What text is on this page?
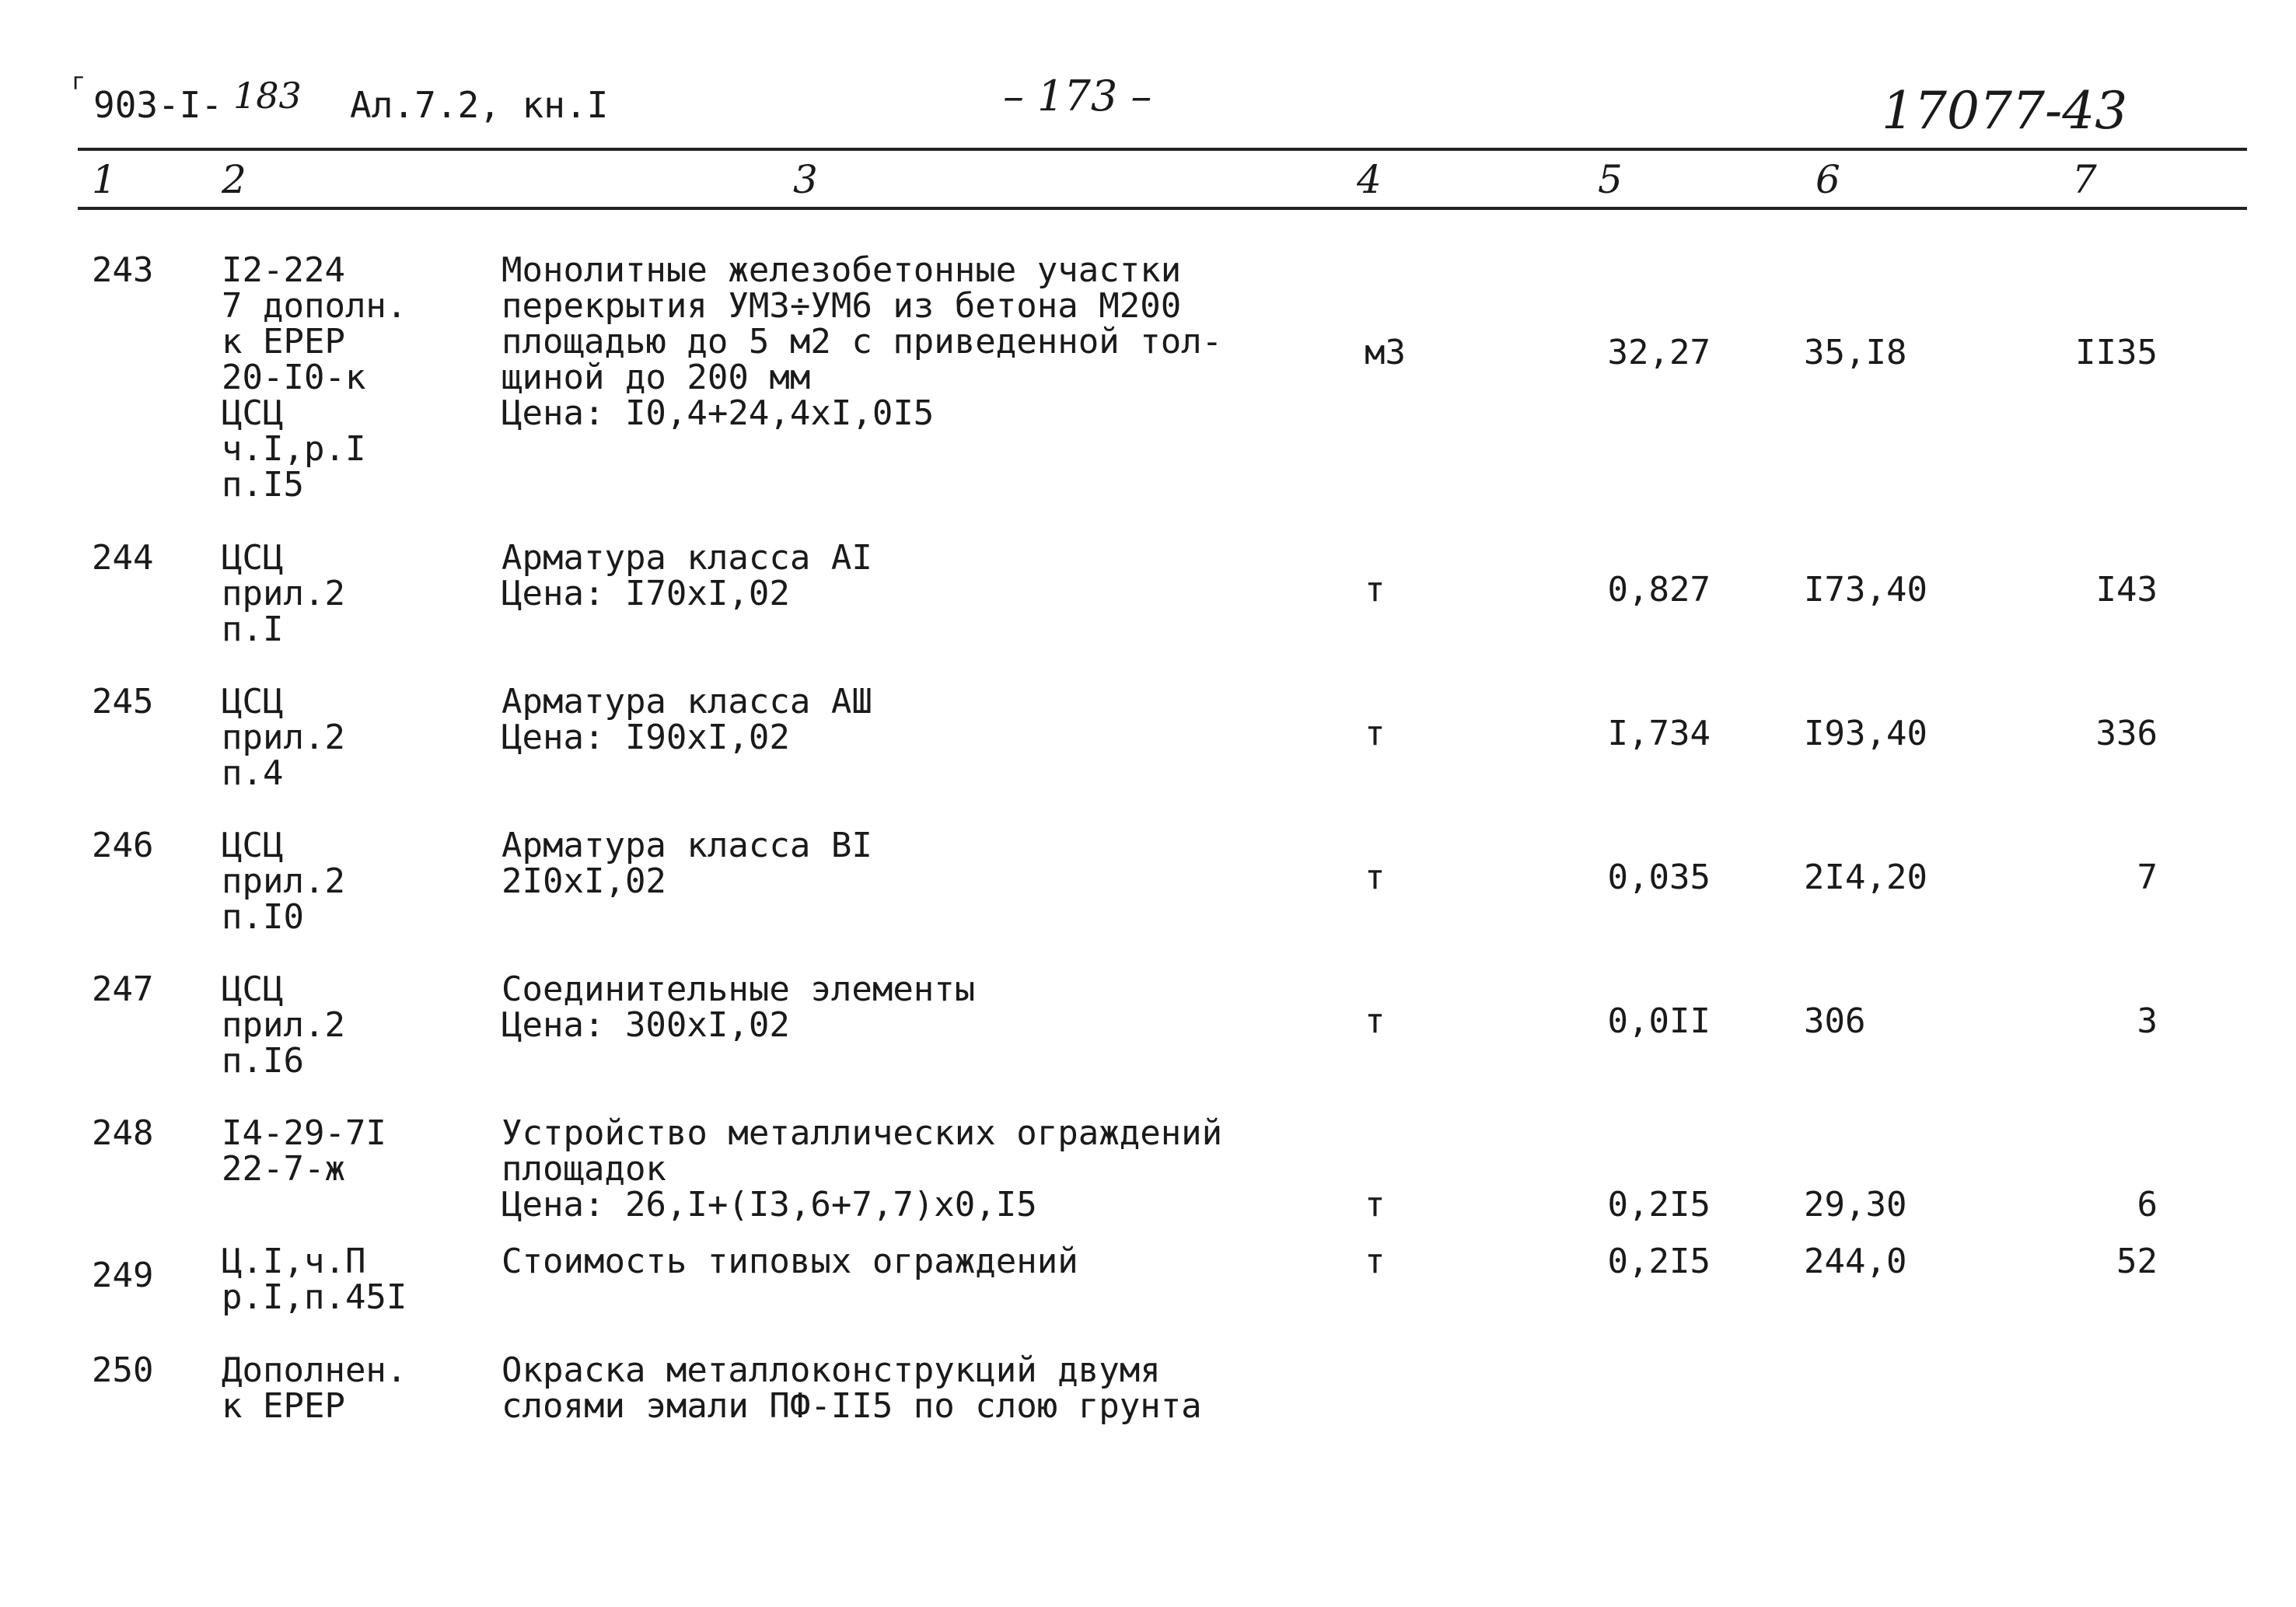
г
903-I- 183 Ал.7.2, кн.I	– 173 –	17077-43
1	2	3	4	5	6	7
243 I2-224
7 дополн.
к ЕРЕР
20-I0-к
ЦСЦ
ч.I,р.I
п.I5
Монолитные железобетонные участки
перекрытия УМ3÷УМ6 из бетона М200
площадью до 5 м2 с приведенной тол-
щиной до 200 мм
Цена: I0,4+24,4xI,0I5
м3	32,27	35,I8	II35
244 ЦСЦ
прил.2
п.I
Арматура класса АI
Цена: I70xI,02	т	0,827	I73,40	I43
245 ЦСЦ
прил.2
п.4
Арматура класса АШ
Цена: I90xI,02	т	I,734	I93,40	336
246 ЦСЦ
прил.2
п.I0
Арматура класса ВI
2I0xI,02	т	0,035	2I4,20	7
247 ЦСЦ
прил.2
п.I6
Соединительные элементы
Цена: 300xI,02	т	0,0II	306	3
248 I4-29-7I
22-7-ж
Устройство металлических ограждений
площадок
Цена: 26,I+(I3,6+7,7)x0,I5	т	0,2I5	29,30	6
249 Ц.I,ч.П
р.I,п.45I
Стоимость типовых ограждений	т	0,2I5	244,0	52
250 Дополнен.
к ЕРЕР
Окраска металлоконструкций двумя
слоями эмали ПФ-II5 по слою грунта
